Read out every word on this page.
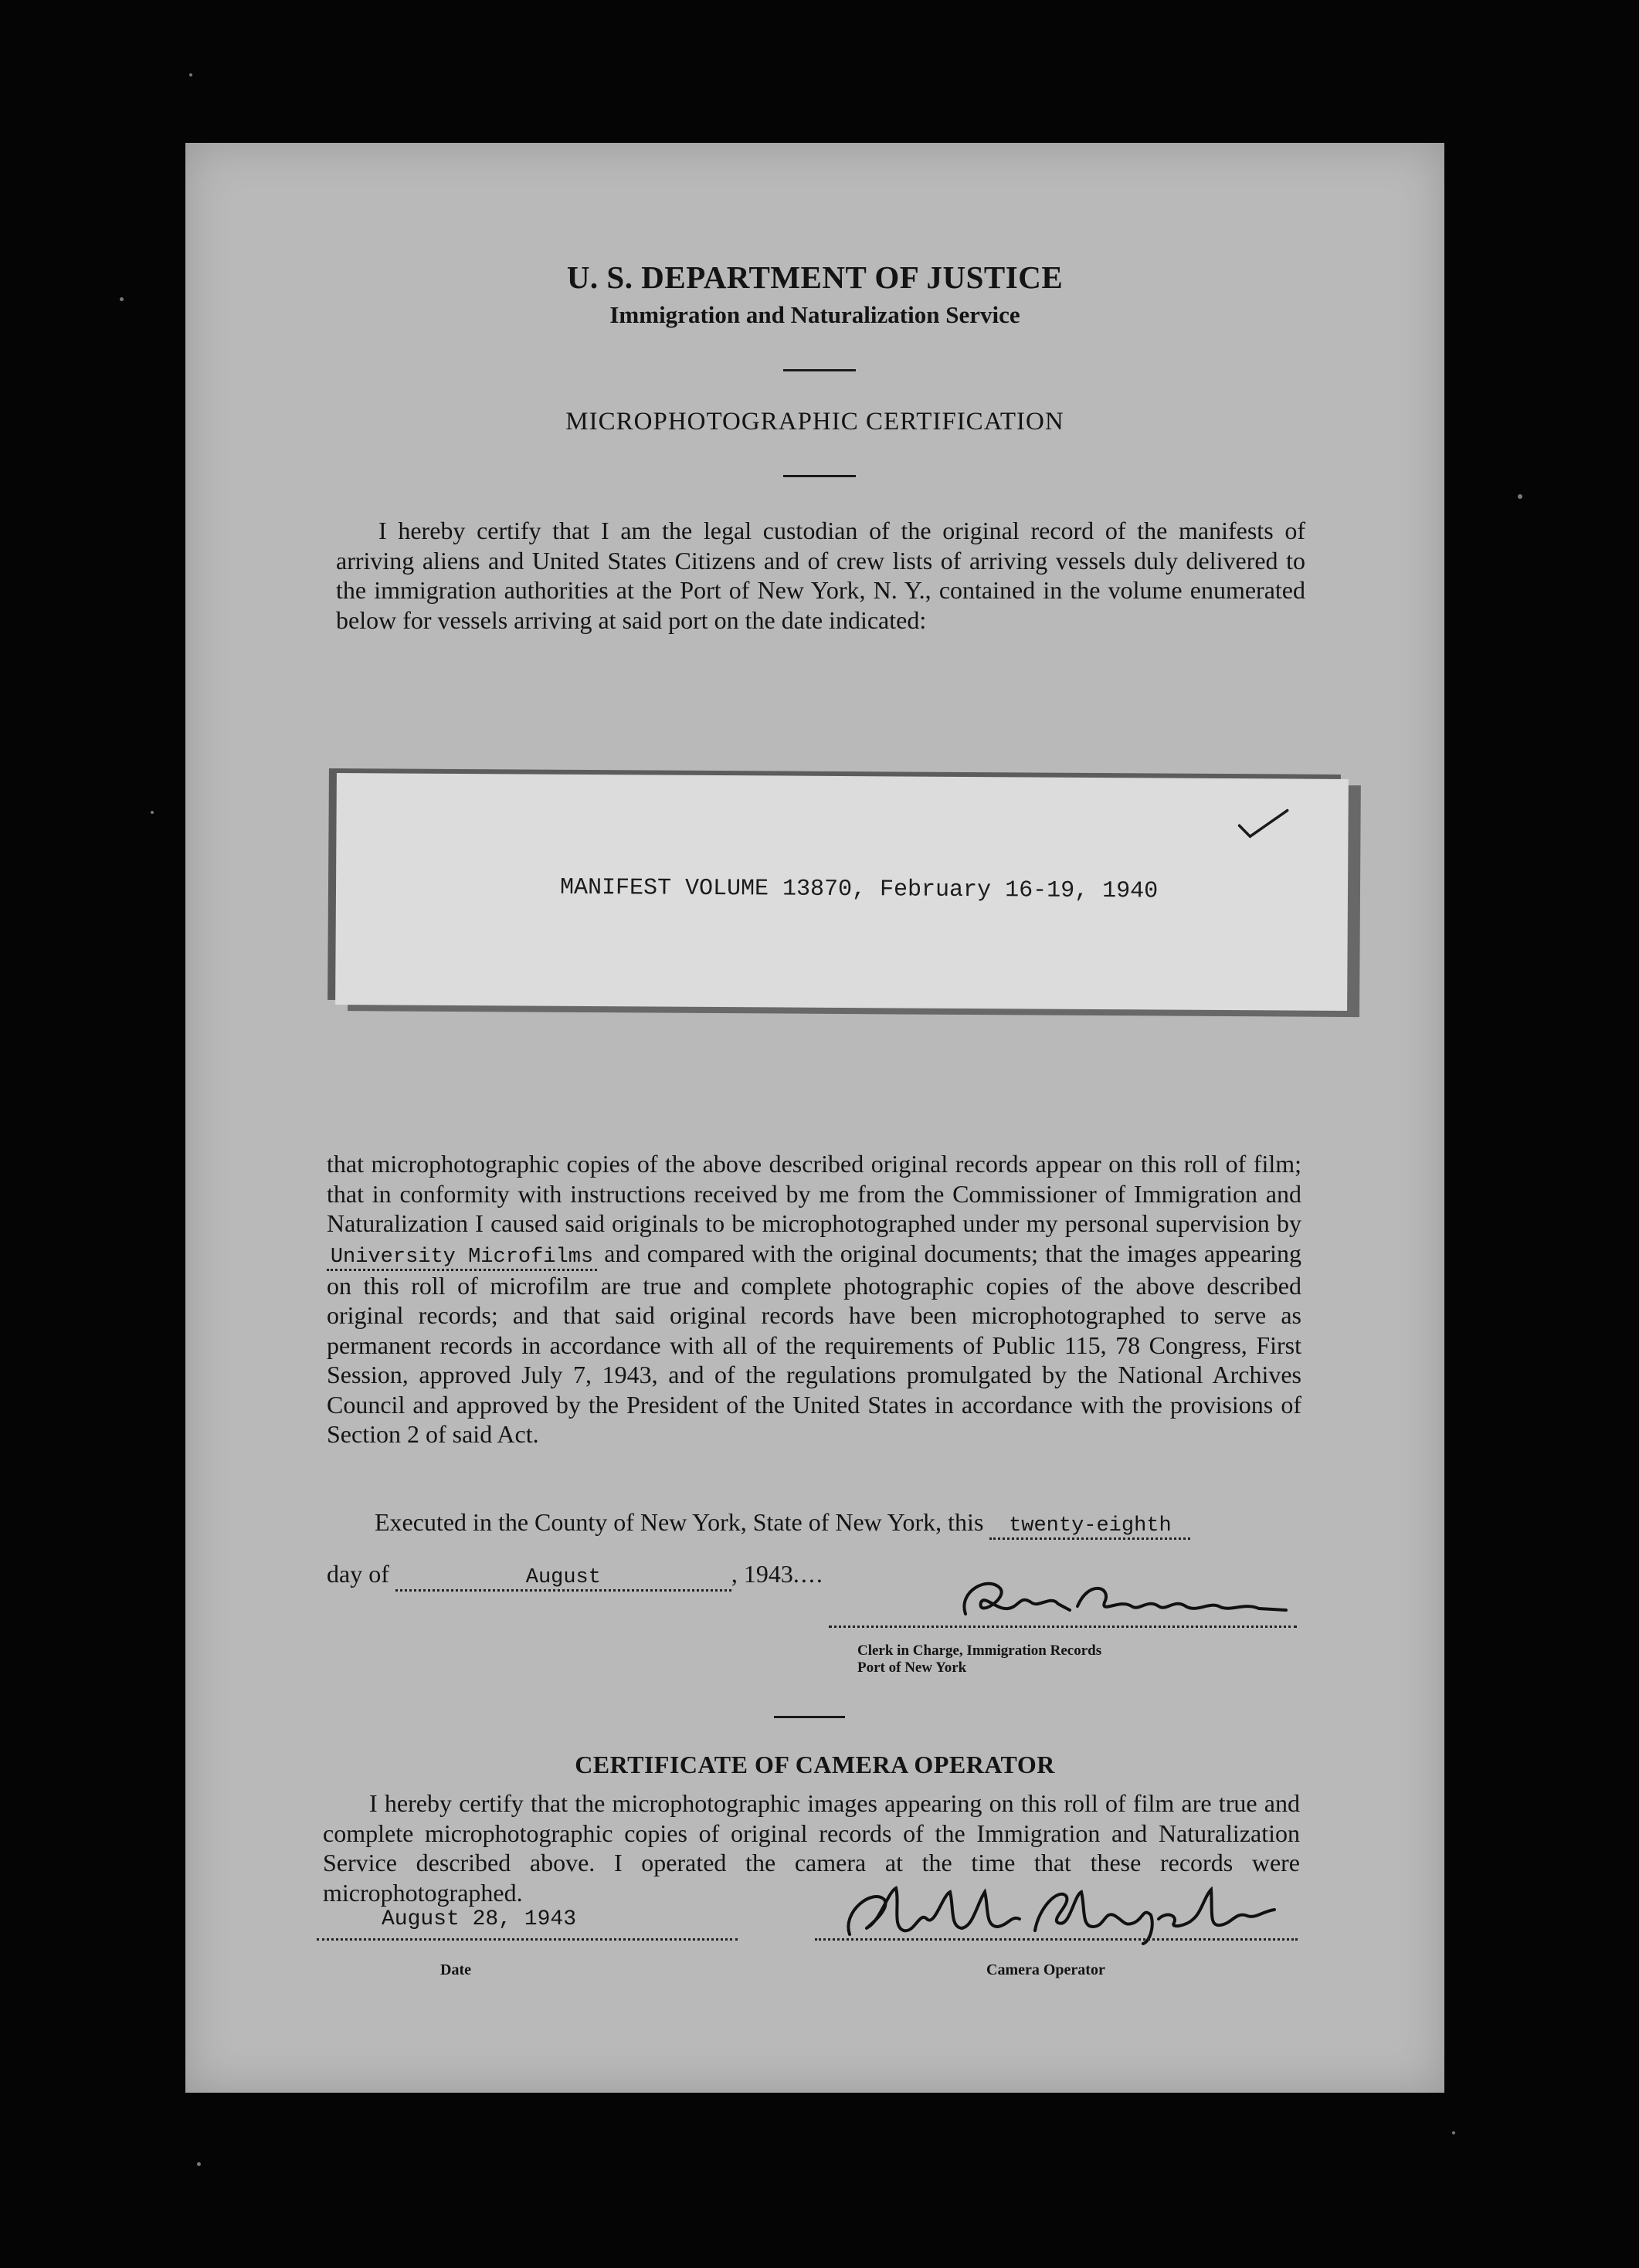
U. S. DEPARTMENT OF JUSTICE
Immigration and Naturalization Service
MICROPHOTOGRAPHIC CERTIFICATION
I hereby certify that I am the legal custodian of the original record of the manifests of arriving aliens and United States Citizens and of crew lists of arriving vessels duly delivered to the immigration authorities at the Port of New York, N. Y., contained in the volume enumerated below for vessels arriving at said port on the date indicated:
MANIFEST VOLUME 13870, February 16-19, 1940
that microphotographic copies of the above described original records appear on this roll of film; that in conformity with instructions received by me from the Commissioner of Immigration and Naturalization I caused said originals to be microphotographed under my personal supervision by University Microfilms and compared with the original documents; that the images appearing on this roll of microfilm are true and complete photographic copies of the above described original records; and that said original records have been microphotographed to serve as permanent records in accordance with all of the requirements of Public 115, 78 Congress, First Session, approved July 7, 1943, and of the regulations promulgated by the National Archives Council and approved by the President of the United States in accordance with the provisions of Section 2 of said Act.
Executed in the County of New York, State of New York, this twenty-eighth
day of	August	, 1943....
Clerk in Charge, Immigration Records
Port of New York
CERTIFICATE OF CAMERA OPERATOR
I hereby certify that the microphotographic images appearing on this roll of film are true and complete microphotographic copies of original records of the Immigration and Naturalization Service described above. I operated the camera at the time that these records were microphotographed.
August 28, 1943
Date	Camera Operator
